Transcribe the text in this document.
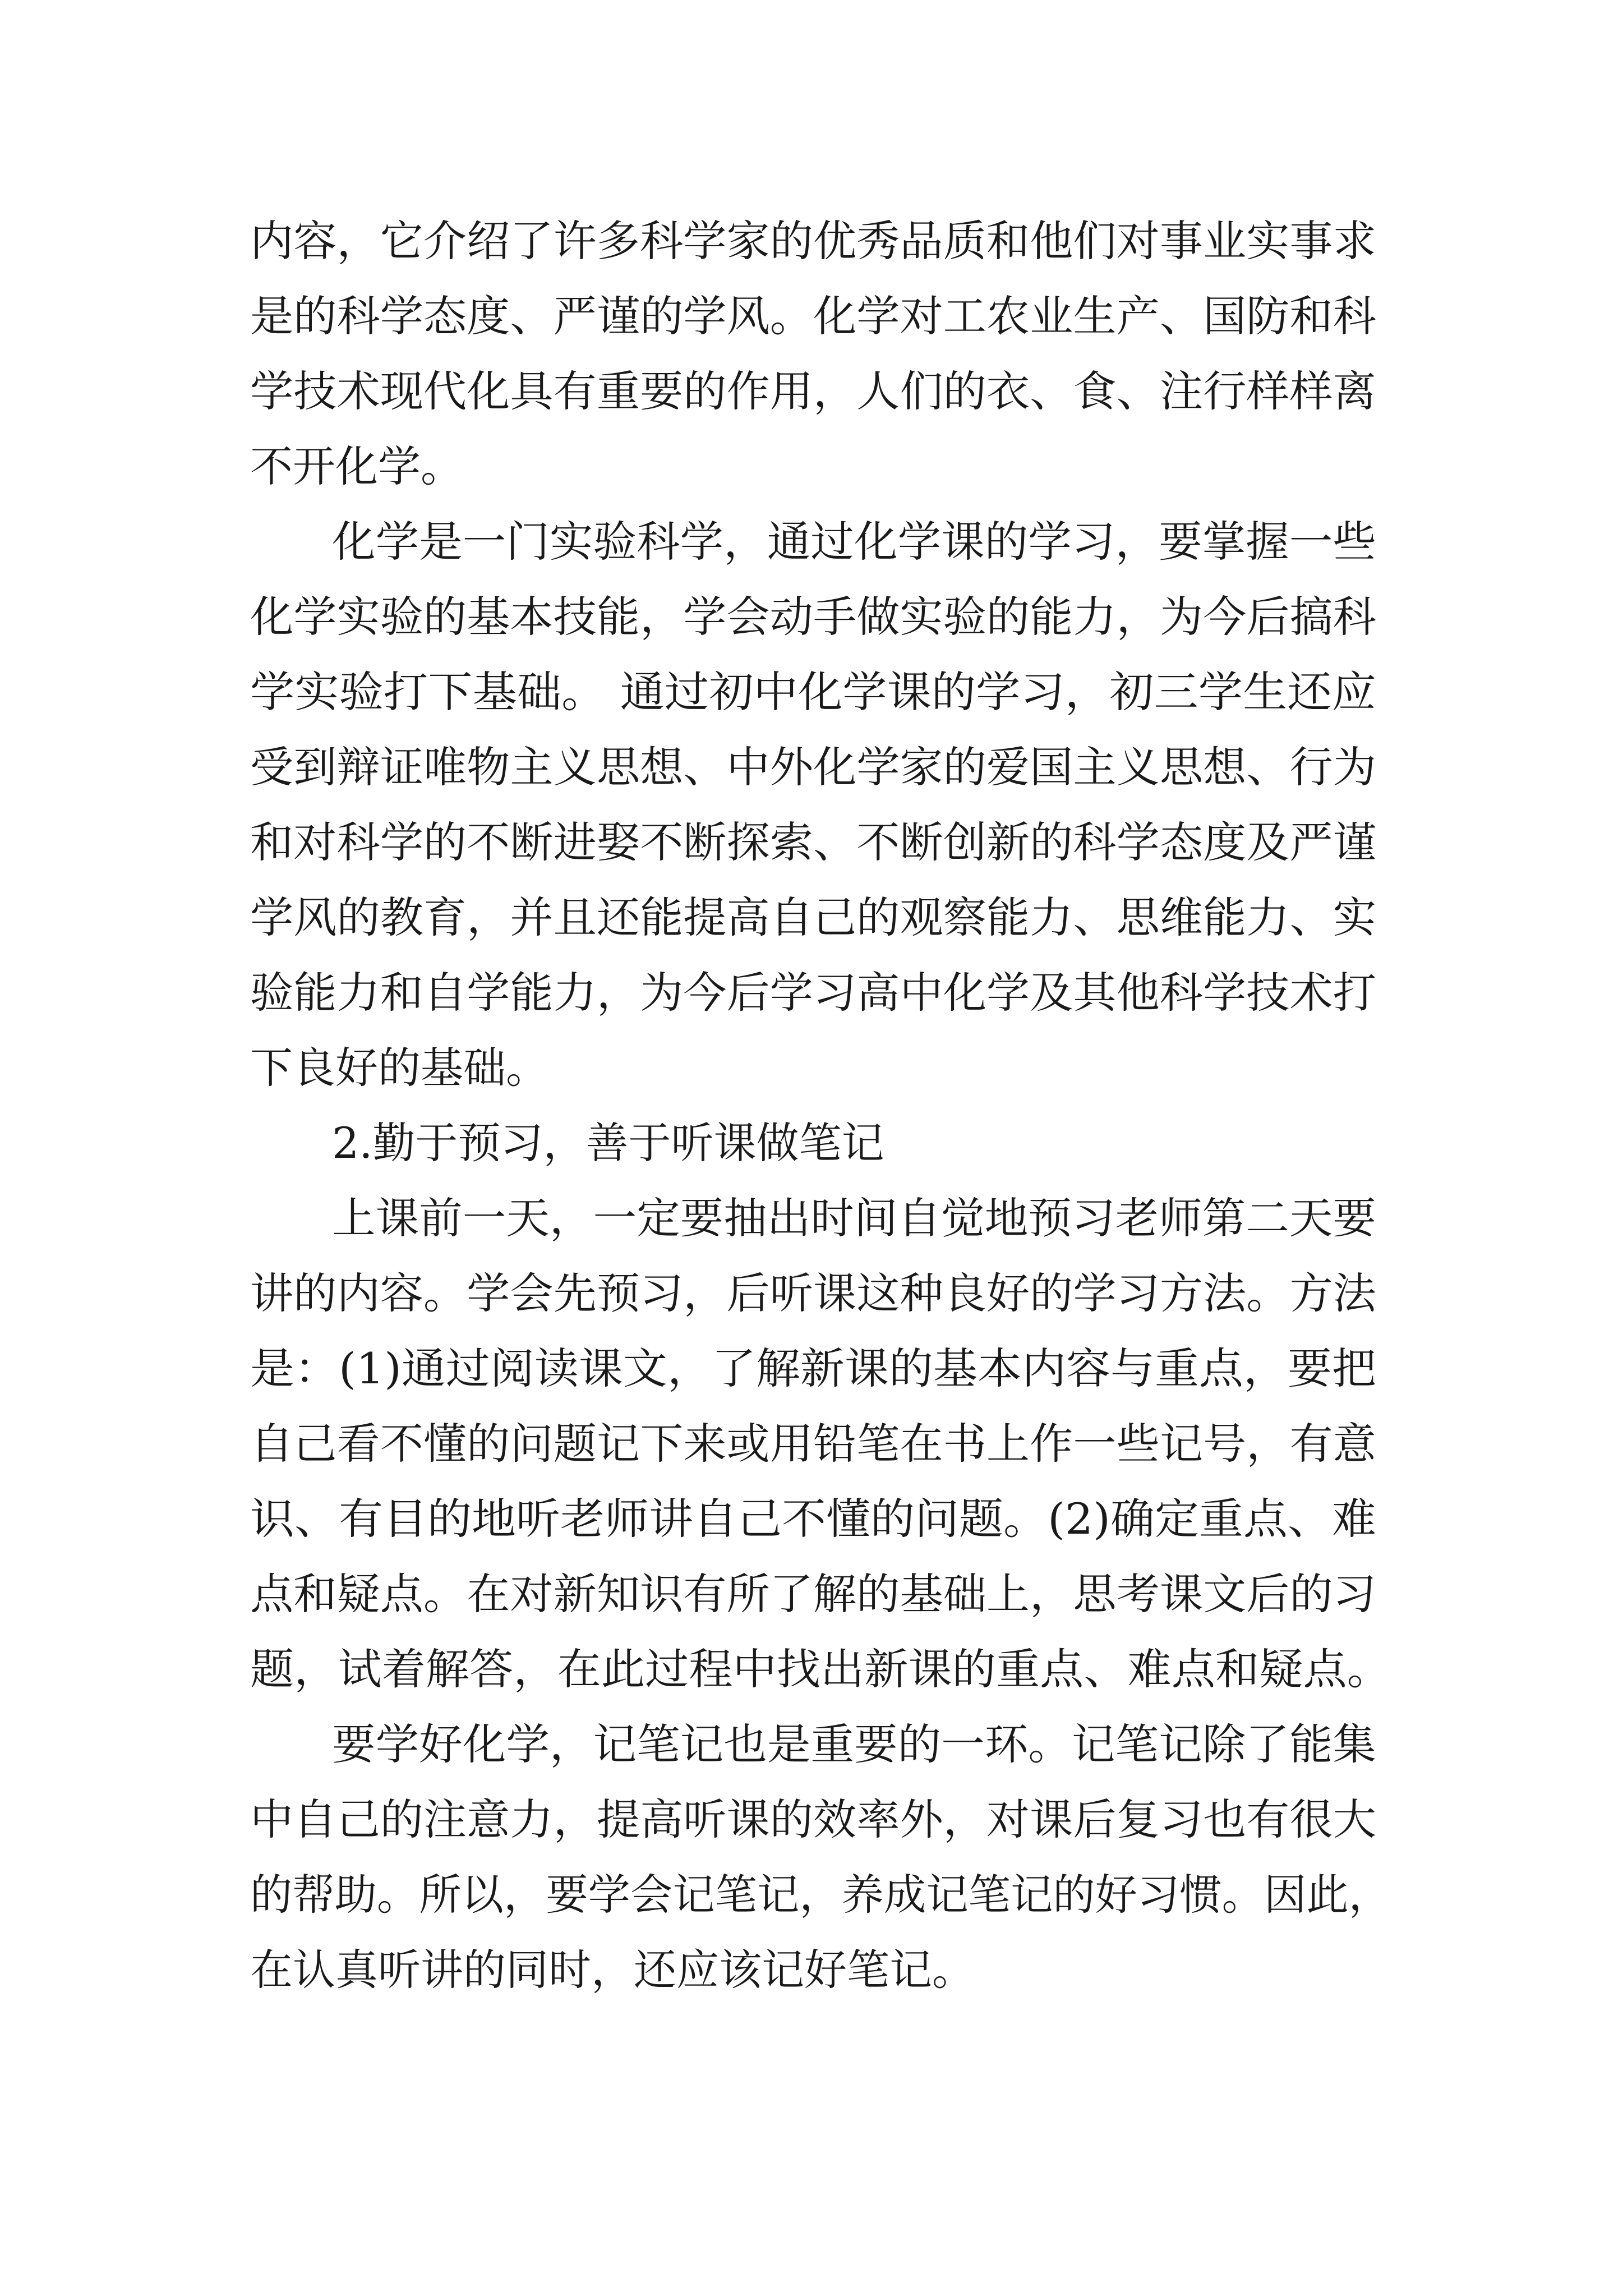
内容，它介绍了许多科学家的优秀品质和他们对事业实事求
是的科学态度、严谨的学风。化学对工农业生产、国防和科
学技术现代化具有重要的作用，人们的衣、食、注行样样离
不开化学。
化学是一门实验科学，通过化学课的学习，要掌握一些
化学实验的基本技能，学会动手做实验的能力，为今后搞科
学实验打下基础。 通过初中化学课的学习，初三学生还应
受到辩证唯物主义思想、中外化学家的爱国主义思想、行为
和对科学的不断进娶不断探索、不断创新的科学态度及严谨
学风的教育，并且还能提高自己的观察能力、思维能力、实
验能力和自学能力，为今后学习高中化学及其他科学技术打
下良好的基础。
2.勤于预习，善于听课做笔记
上课前一天，一定要抽出时间自觉地预习老师第二天要
讲的内容。学会先预习，后听课这种良好的学习方法。方法
是：(1)通过阅读课文，了解新课的基本内容与重点，要把
自己看不懂的问题记下来或用铅笔在书上作一些记号，有意
识、有目的地听老师讲自己不懂的问题。(2)确定重点、难
点和疑点。在对新知识有所了解的基础上，思考课文后的习
题，试着解答，在此过程中找出新课的重点、难点和疑点。
要学好化学，记笔记也是重要的一环。记笔记除了能集
中自己的注意力，提高听课的效率外，对课后复习也有很大
的帮助。所以，要学会记笔记，养成记笔记的好习惯。因此，
在认真听讲的同时，还应该记好笔记。
